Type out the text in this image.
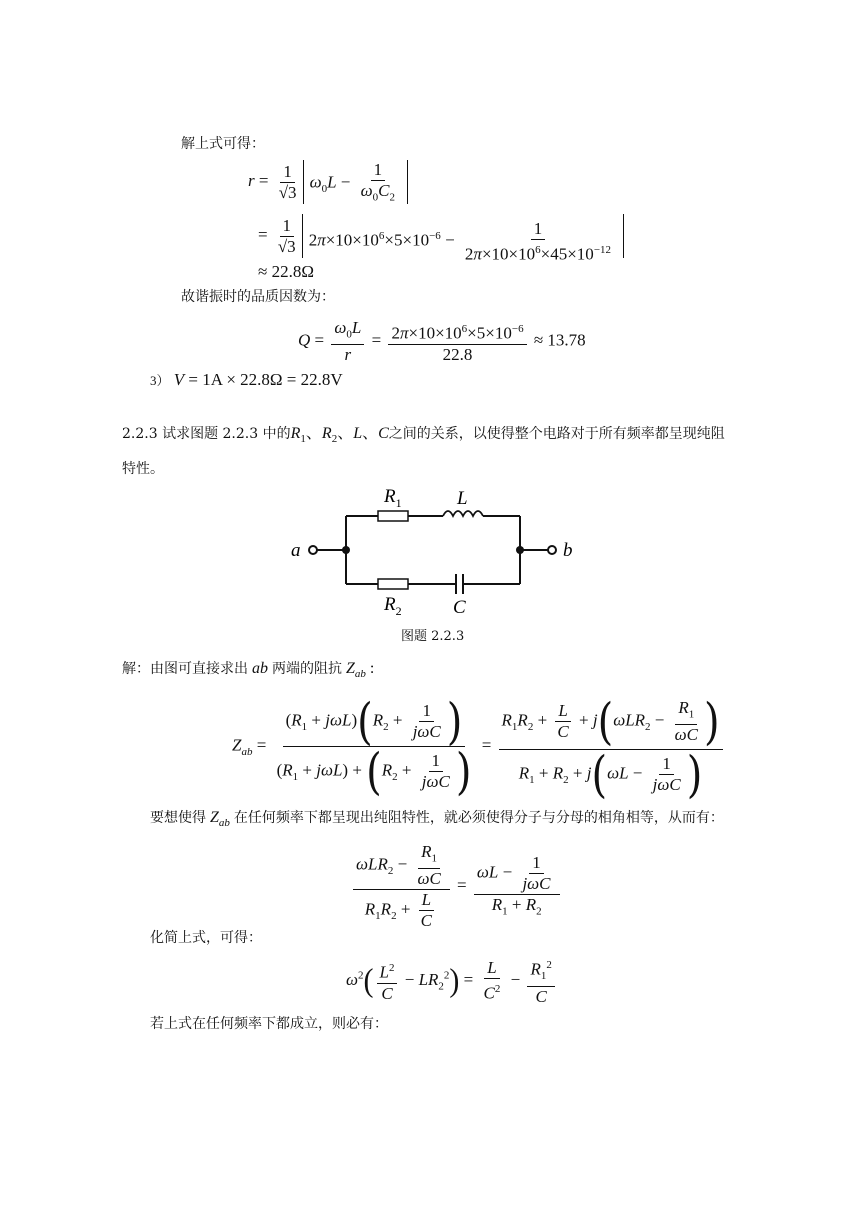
解上式可得：
$r = \frac{1}{√3} \omega_0L - \frac{1}{\omega_0C_2}$
= $\frac{1}{√3} 2\pi\times 10\times 10^6\times 5\times 10^{-6} - \frac{1}{2\pi\times 10\times 10^6\times 45\times 10^{-12}}$
≈ 22.8Ω
故谐振时的品质因数为：
$Q = \frac{\omega_0L}{r} = \frac{2\pi\times 10\times 10^6\times 5\times 10^{-6}}{22.8} \approx 13.78$
3） V = 1A × 22.8Ω = 22.8V
2.2.3 试求图题 2.2.3 中的$R_1$、$R_2$、L、C之间的关系，以使得整个电路对于所有频率都呈现纯阻
特性。
$R_1$	L
a	b
$R_2$	C
图题 2.2.3
解：由图可直接求出 ab 两端的阻抗 $Z_{ab}$ :
$Z_{ab} = \frac{(R_1 + j\omega L)(R_2 + \frac{1}{\text{jωC}} )}{(R_1 + j\omega L) + (R_2 + \frac{1}{\text{jωC}} )} = \frac{R_1R_2 + \frac{L}{C} + j(\omega LR_2 - \frac{R_1}{\omega C} )}{R_1 + R_2 + j(\omega L - \frac{1}{\text{jωC}} )}$
要想使得 $Z_{ab}$ 在任何频率下都呈现出纯阻特性，就必须使得分子与分母的相角相等，从而有：
$\frac{\omega LR_2 - \frac{R_1}{\omega C}}{R_1R_2 + \frac{L}{C}} = \frac{\omega L - \frac{1}{\text{jωC}}}{R_1 + R_2}$
化简上式，可得：
$\omega^2( \frac{L^2}{C} - LR_2^2) = \frac{L}{C^2} - \frac{R_1^2}{C}$
若上式在任何频率下都成立，则必有：
